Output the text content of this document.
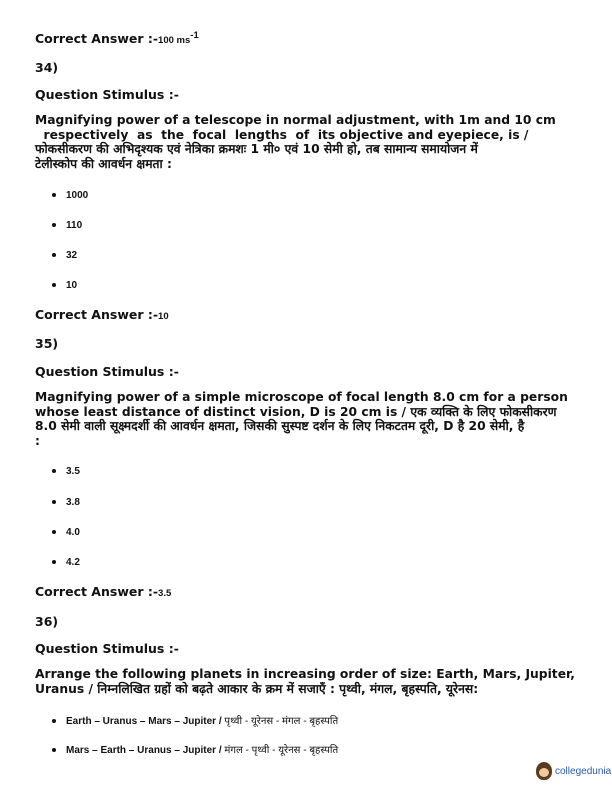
Correct Answer :-100 $ms^{-1}$
34)
Question Stimulus :-
Magnifying power of a telescope in normal adjustment, with 1m and 10 cm
respectively  as  the  focal  lengths  of  its objective and eyepiece, is /
फोकसीकरण की अभिदृश्यक एवं नेत्रिका क्रमशः 1 मी० एवं 10 सेमी हो, तब सामान्य समायोजन में
टेलीस्कोप की आवर्धन क्षमता :
1000
110
32
10
Correct Answer :-10
35)
Question Stimulus :-
Magnifying power of a simple microscope of focal length 8.0 cm for a person
whose least distance of distinct vision, D is 20 cm is / एक व्यक्ति के लिए फोकसीकरण
8.0 सेमी वाली सूक्ष्मदर्शी की आवर्धन क्षमता, जिसकी सुस्पष्ट दर्शन के लिए निकटतम दूरी, D है 20 सेमी, है
:
3.5
3.8
4.0
4.2
Correct Answer :-3.5
36)
Question Stimulus :-
Arrange the following planets in increasing order of size: Earth, Mars, Jupiter,
Uranus / निम्नलिखित ग्रहों को बढ़ते आकार के क्रम में सजाएँ : पृथ्वी, मंगल, बृहस्पति, यूरेनस:
Earth – Uranus – Mars – Jupiter / पृथ्वी - यूरेनस - मंगल - बृहस्पति
Mars – Earth – Uranus – Jupiter / मंगल - पृथ्वी - यूरेनस - बृहस्पति
collegedunia
